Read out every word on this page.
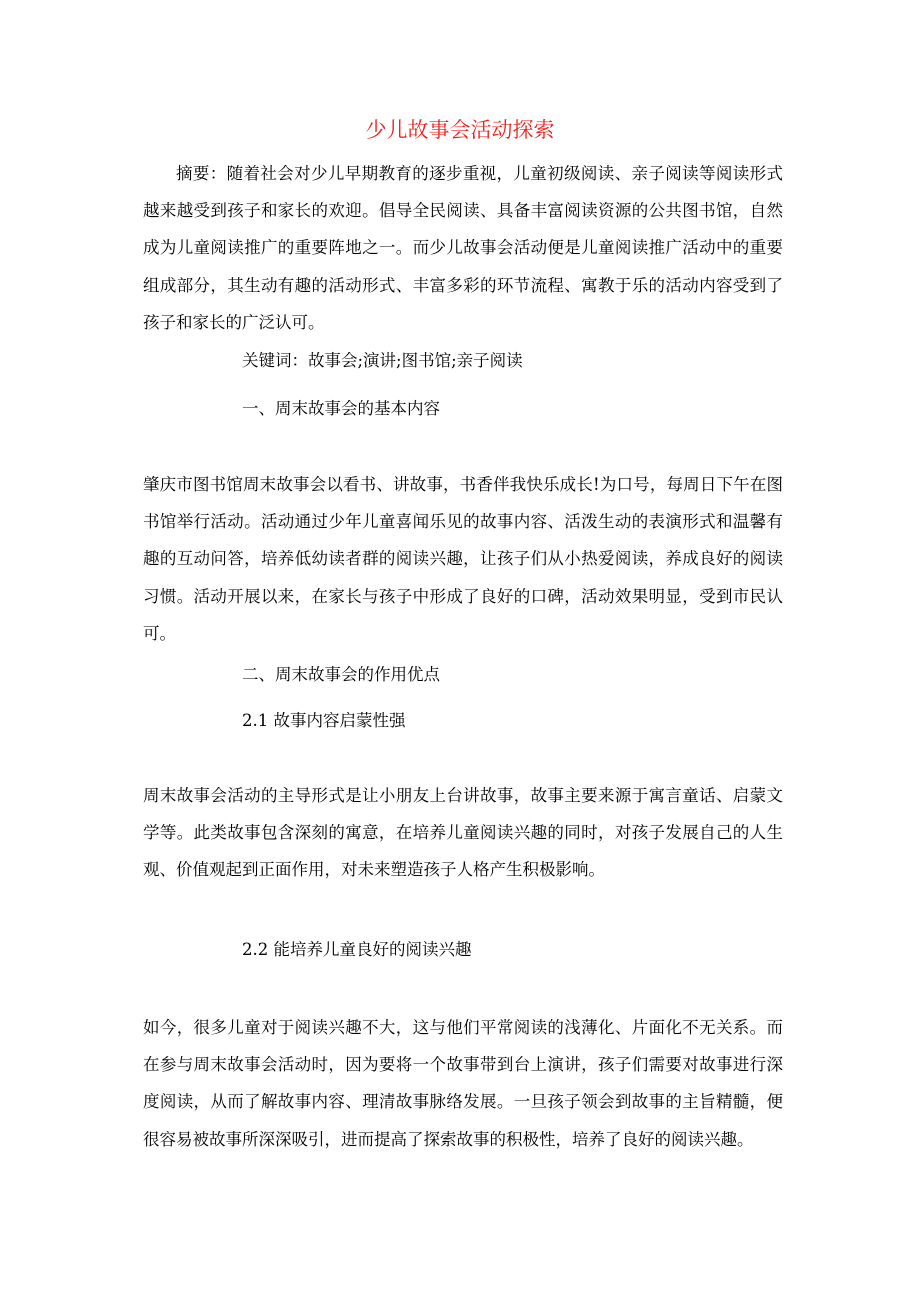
少儿故事会活动探索

摘要：随着社会对少儿早期教育的逐步重视，儿童初级阅读、亲子阅读等阅读形式越来越受到孩子和家长的欢迎。倡导全民阅读、具备丰富阅读资源的公共图书馆，自然成为儿童阅读推广的重要阵地之一。而少儿故事会活动便是儿童阅读推广活动中的重要组成部分，其生动有趣的活动形式、丰富多彩的环节流程、寓教于乐的活动内容受到了孩子和家长的广泛认可。

关键词：故事会;演讲;图书馆;亲子阅读

一、周末故事会的基本内容

肇庆市图书馆周末故事会以看书、讲故事，书香伴我快乐成长!为口号，每周日下午在图书馆举行活动。活动通过少年儿童喜闻乐见的故事内容、活泼生动的表演形式和温馨有趣的互动问答，培养低幼读者群的阅读兴趣，让孩子们从小热爱阅读，养成良好的阅读习惯。活动开展以来，在家长与孩子中形成了良好的口碑，活动效果明显，受到市民认可。

二、周末故事会的作用优点

2.1 故事内容启蒙性强

周末故事会活动的主导形式是让小朋友上台讲故事，故事主要来源于寓言童话、启蒙文学等。此类故事包含深刻的寓意，在培养儿童阅读兴趣的同时，对孩子发展自己的人生观、价值观起到正面作用，对未来塑造孩子人格产生积极影响。

2.2 能培养儿童良好的阅读兴趣

如今，很多儿童对于阅读兴趣不大，这与他们平常阅读的浅薄化、片面化不无关系。而在参与周末故事会活动时，因为要将一个故事带到台上演讲，孩子们需要对故事进行深度阅读，从而了解故事内容、理清故事脉络发展。一旦孩子领会到故事的主旨精髓，便很容易被故事所深深吸引，进而提高了探索故事的积极性，培养了良好的阅读兴趣。
